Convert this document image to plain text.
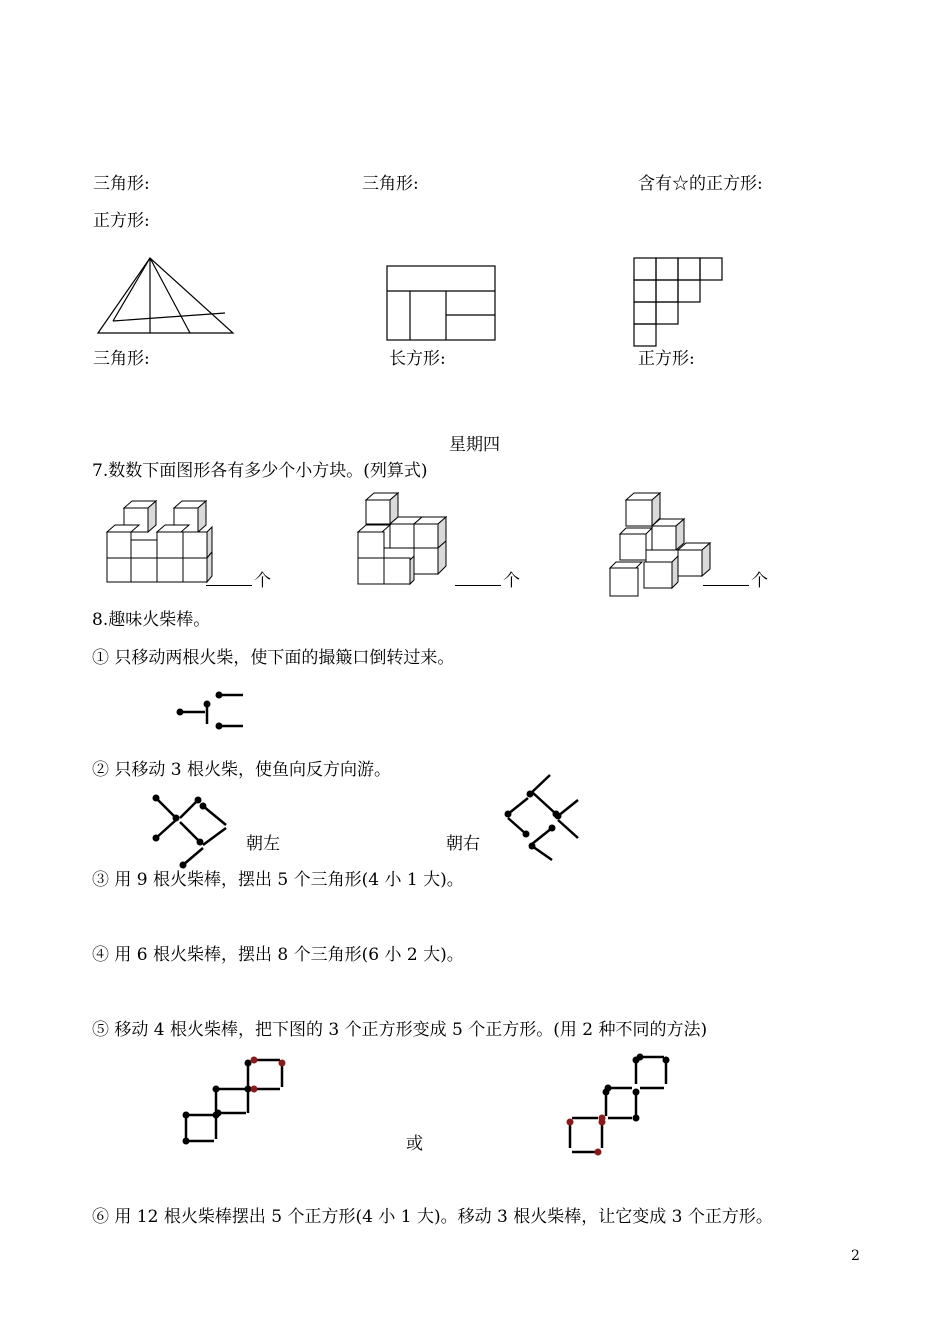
三角形:	三角形:	含有☆的正方形:
正方形:
三角形:	长方形:	正方形:
星期四
7.数数下面图形各有多少个小方块。(列算式)
个	个	个
8.趣味火柴棒。
① 只移动两根火柴，使下面的撮簸口倒转过来。
② 只移动 3 根火柴，使鱼向反方向游。
朝左	朝右
③ 用 9 根火柴棒，摆出 5 个三角形(4 小 1 大)。
④ 用 6 根火柴棒，摆出 8 个三角形(6 小 2 大)。
⑤ 移动 4 根火柴棒，把下图的 3 个正方形变成 5 个正方形。(用 2 种不同的方法)
或
⑥ 用 12 根火柴棒摆出 5 个正方形(4 小 1 大)。移动 3 根火柴棒，让它变成 3 个正方形。
2
